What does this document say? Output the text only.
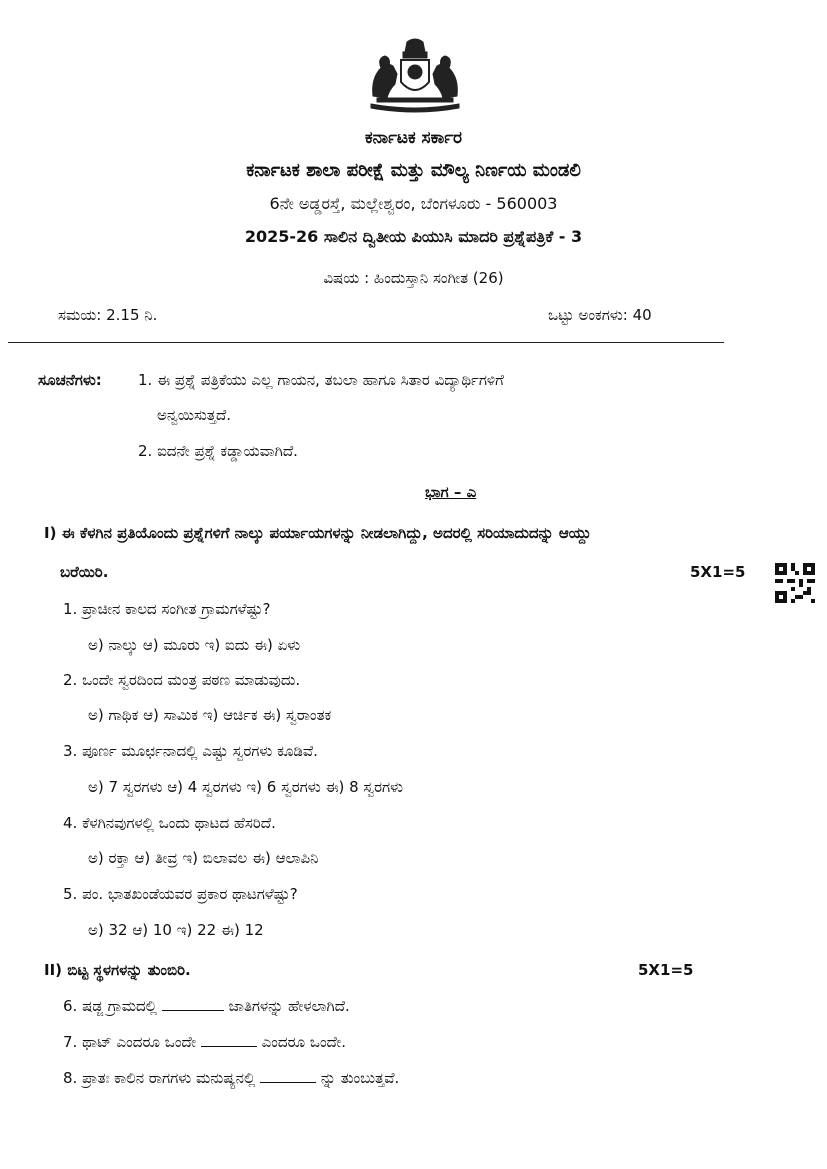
ಕರ್ನಾಟಕ ಸರ್ಕಾರ
ಕರ್ನಾಟಕ ಶಾಲಾ ಪರೀಕ್ಷೆ ಮತ್ತು ಮೌಲ್ಯ ನಿರ್ಣಯ ಮಂಡಲಿ
6ನೇ ಅಡ್ಡರಸ್ತೆ, ಮಲ್ಲೇಶ್ವರಂ, ಬೆಂಗಳೂರು - 560003
2025-26 ಸಾಲಿನ ದ್ವಿತೀಯ ಪಿಯುಸಿ ಮಾದರಿ ಪ್ರಶ್ನೆಪತ್ರಿಕೆ - 3
ವಿಷಯ : ಹಿಂದುಸ್ತಾನಿ ಸಂಗೀತ (26)
ಸಮಯ: 2.15 ನಿ.	ಒಟ್ಟು ಅಂಕಗಳು: 40
ಸೂಚನೆಗಳು: 1. ಈ ಪ್ರಶ್ನೆ ಪತ್ರಿಕೆಯು ಎಲ್ಲ ಗಾಯನ, ತಬಲಾ ಹಾಗೂ ಸಿತಾರ ವಿದ್ಯಾರ್ಥಿಗಳಿಗೆ
ಅನ್ವಯಿಸುತ್ತದೆ.
2. ಐದನೇ ಪ್ರಶ್ನೆ ಕಡ್ಡಾಯವಾಗಿದೆ.
ಭಾಗ – ಎ
I) ಈ ಕೆಳಗಿನ ಪ್ರತಿಯೊಂದು ಪ್ರಶ್ನೆಗಳಿಗೆ ನಾಲ್ಕು ಪರ್ಯಾಯಗಳನ್ನು ನೀಡಲಾಗಿದ್ದು, ಅದರಲ್ಲಿ ಸರಿಯಾದುದನ್ನು ಆಯ್ದು
ಬರೆಯಿರಿ.	5X1=5
1. ಪ್ರಾಚೀನ ಕಾಲದ ಸಂಗೀತ ಗ್ರಾಮಗಳೆಷ್ಟು?
ಅ) ನಾಲ್ಕು ಆ) ಮೂರು ಇ) ಐದು ಈ) ಏಳು
2. ಒಂದೇ ಸ್ವರದಿಂದ ಮಂತ್ರ ಪಠಣ ಮಾಡುವುದು.
ಅ) ಗಾಥಿಕ ಆ) ಸಾಮಿಕ ಇ) ಆರ್ಚಿಕ ಈ) ಸ್ವರಾಂತಕ
3. ಪೂರ್ಣ ಮೂರ್ಛನಾದಲ್ಲಿ ಎಷ್ಟು ಸ್ವರಗಳು ಕೂಡಿವೆ.
ಅ) 7 ಸ್ವರಗಳು ಆ) 4 ಸ್ವರಗಳು ಇ) 6 ಸ್ವರಗಳು ಈ) 8 ಸ್ವರಗಳು
4. ಕೆಳಗಿನವುಗಳಲ್ಲಿ ಒಂದು ಥಾಟದ ಹೆಸರಿದೆ.
ಅ) ರಕ್ತಾ ಆ) ತೀವ್ರ ಇ) ಬಿಲಾವಲ ಈ) ಆಲಾಪಿನಿ
5. ಪಂ. ಭಾತಖಂಡೆಯವರ ಪ್ರಕಾರ ಥಾಟಗಳೆಷ್ಟು?
ಅ) 32 ಆ) 10 ಇ) 22 ಈ) 12
II) ಬಿಟ್ಟ ಸ್ಥಳಗಳನ್ನು ತುಂಬಿರಿ.	5X1=5
6. ಷಡ್ಜ ಗ್ರಾಮದಲ್ಲಿ	ಜಾತಿಗಳನ್ನು ಹೇಳಲಾಗಿದೆ.
7. ಥಾಟ್ ಎಂದರೂ ಒಂದೇ	ಎಂದರೂ ಒಂದೇ.
8. ಪ್ರಾತಃ ಕಾಲಿನ ರಾಗಗಳು ಮನುಷ್ಯನಲ್ಲಿ	ನ್ನು ತುಂಬುತ್ತವೆ.
